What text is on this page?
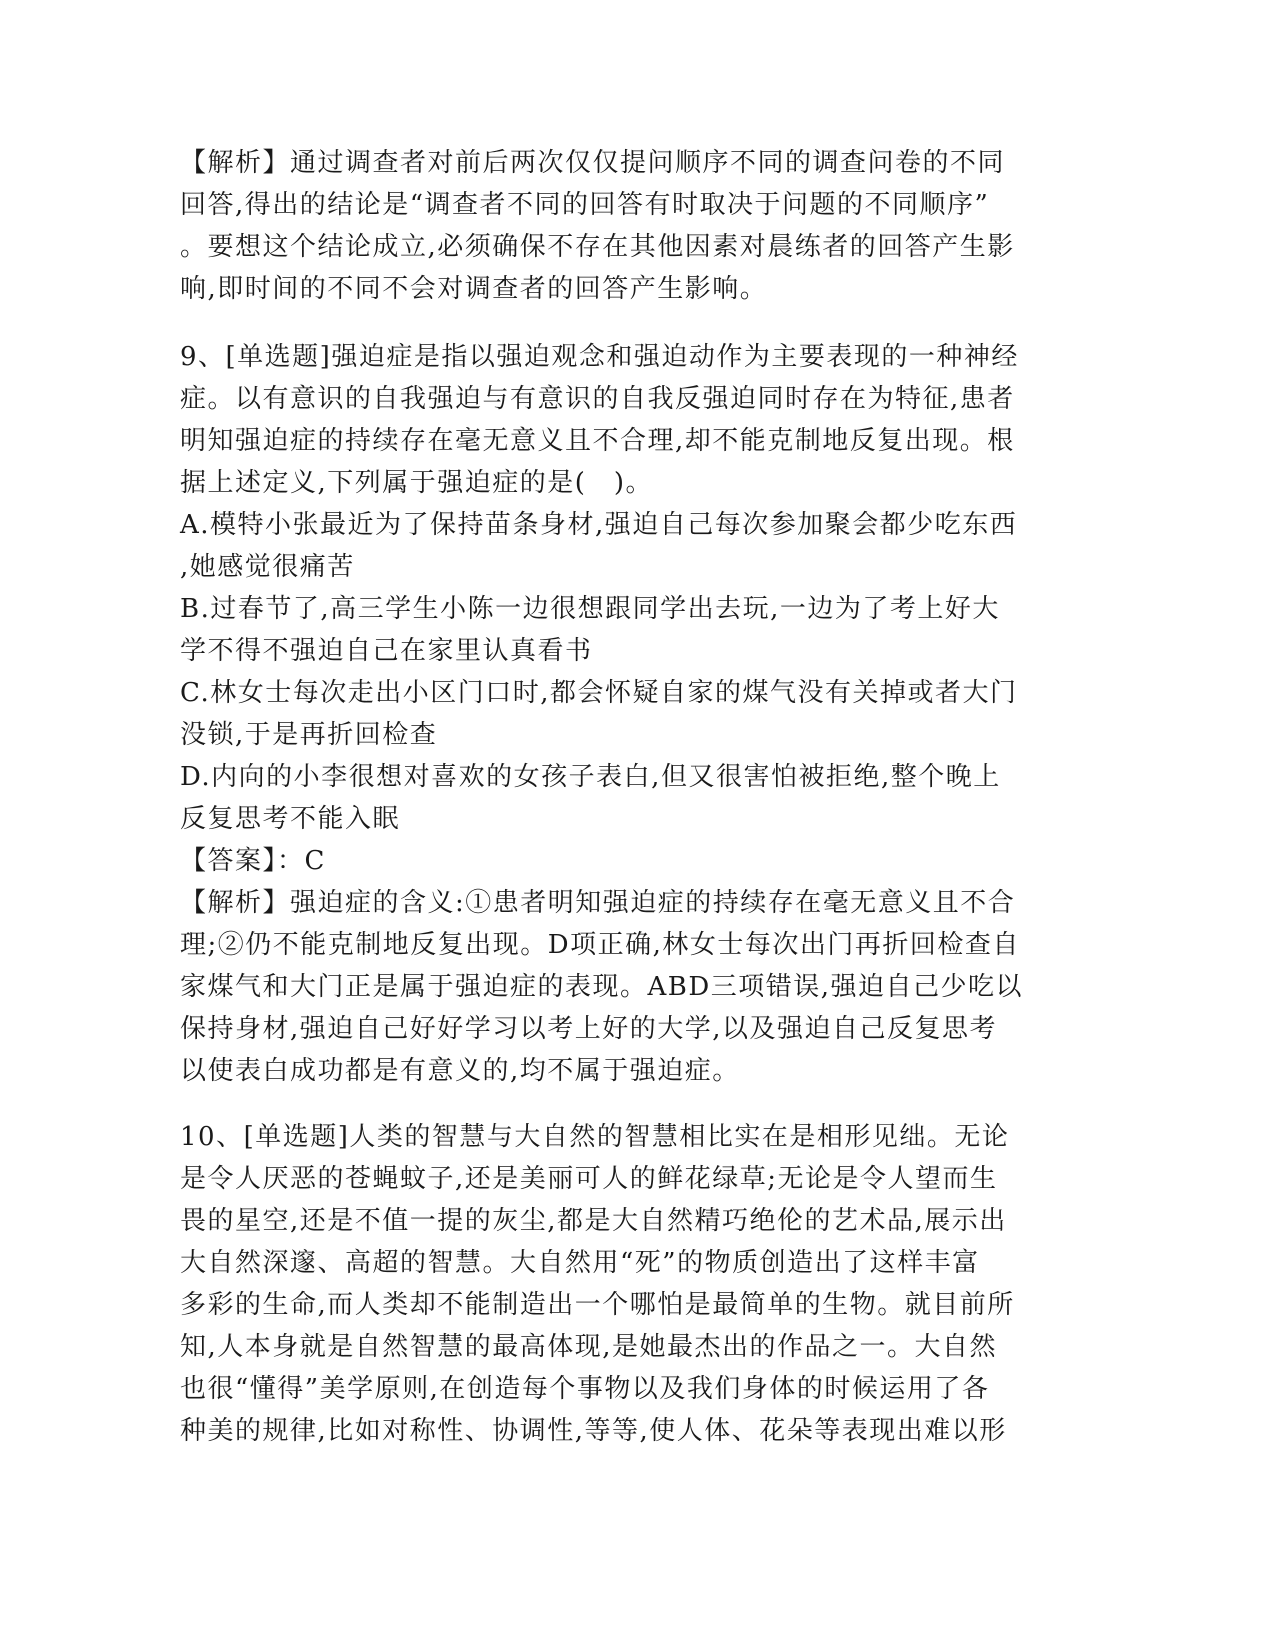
【解析】通过调查者对前后两次仅仅提问顺序不同的调查问卷的不同

回答,得出的结论是“调查者不同的回答有时取决于问题的不同顺序”

。要想这个结论成立,必须确保不存在其他因素对晨练者的回答产生影

响,即时间的不同不会对调查者的回答产生影响。

9、[单选题]强迫症是指以强迫观念和强迫动作为主要表现的一种神经

症。以有意识的自我强迫与有意识的自我反强迫同时存在为特征,患者

明知强迫症的持续存在毫无意义且不合理,却不能克制地反复出现。根

据上述定义,下列属于强迫症的是(　)。

A.模特小张最近为了保持苗条身材,强迫自己每次参加聚会都少吃东西

,她感觉很痛苦

B.过春节了,高三学生小陈一边很想跟同学出去玩,一边为了考上好大

学不得不强迫自己在家里认真看书

C.林女士每次走出小区门口时,都会怀疑自家的煤气没有关掉或者大门

没锁,于是再折回检查

D.内向的小李很想对喜欢的女孩子表白,但又很害怕被拒绝,整个晚上

反复思考不能入眠

【答案】：C

【解析】强迫症的含义:①患者明知强迫症的持续存在毫无意义且不合

理;②仍不能克制地反复出现。D项正确,林女士每次出门再折回检查自

家煤气和大门正是属于强迫症的表现。ABD三项错误,强迫自己少吃以

保持身材,强迫自己好好学习以考上好的大学,以及强迫自己反复思考

以使表白成功都是有意义的,均不属于强迫症。

10、[单选题]人类的智慧与大自然的智慧相比实在是相形见绌。无论

是令人厌恶的苍蝇蚊子,还是美丽可人的鲜花绿草;无论是令人望而生

畏的星空,还是不值一提的灰尘,都是大自然精巧绝伦的艺术品,展示出

大自然深邃、高超的智慧。大自然用“死”的物质创造出了这样丰富

多彩的生命,而人类却不能制造出一个哪怕是最简单的生物。就目前所

知,人本身就是自然智慧的最高体现,是她最杰出的作品之一。大自然

也很“懂得”美学原则,在创造每个事物以及我们身体的时候运用了各

种美的规律,比如对称性、协调性,等等,使人体、花朵等表现出难以形
